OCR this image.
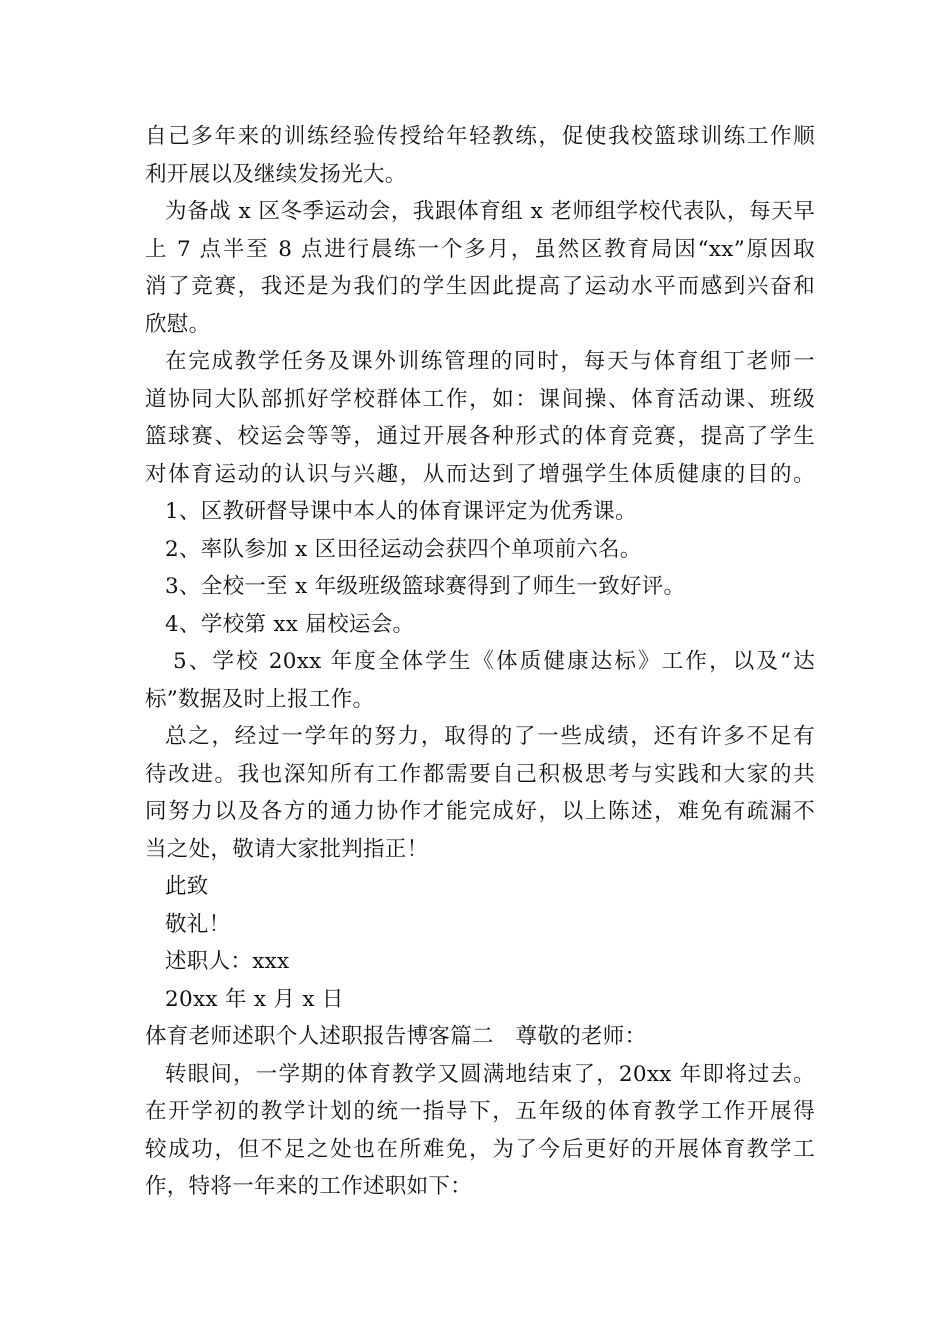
自己多年来的训练经验传授给年轻教练，促使我校篮球训练工作顺
利开展以及继续发扬光大。
为备战 x 区冬季运动会，我跟体育组 x 老师组学校代表队，每天早
上 7 点半至 8 点进行晨练一个多月，虽然区教育局因“xx”原因取
消了竞赛，我还是为我们的学生因此提高了运动水平而感到兴奋和
欣慰。
在完成教学任务及课外训练管理的同时，每天与体育组丁老师一
道协同大队部抓好学校群体工作，如：课间操、体育活动课、班级
篮球赛、校运会等等，通过开展各种形式的体育竞赛，提高了学生
对体育运动的认识与兴趣，从而达到了增强学生体质健康的目的。
1、区教研督导课中本人的体育课评定为优秀课。
2、率队参加 x 区田径运动会获四个单项前六名。
3、全校一至 x 年级班级篮球赛得到了师生一致好评。
4、学校第 xx 届校运会。
5、学校 20xx 年度全体学生《体质健康达标》工作，以及“达
标”数据及时上报工作。
总之，经过一学年的努力，取得的了一些成绩，还有许多不足有
待改进。我也深知所有工作都需要自己积极思考与实践和大家的共
同努力以及各方的通力协作才能完成好，以上陈述，难免有疏漏不
当之处，敬请大家批判指正！
此致
敬礼！
述职人：xxx
20xx 年 x 月 x 日
体育老师述职个人述职报告博客篇二　尊敬的老师：
转眼间，一学期的体育教学又圆满地结束了，20xx 年即将过去。
在开学初的教学计划的统一指导下，五年级的体育教学工作开展得
较成功，但不足之处也在所难免，为了今后更好的开展体育教学工
作，特将一年来的工作述职如下：
